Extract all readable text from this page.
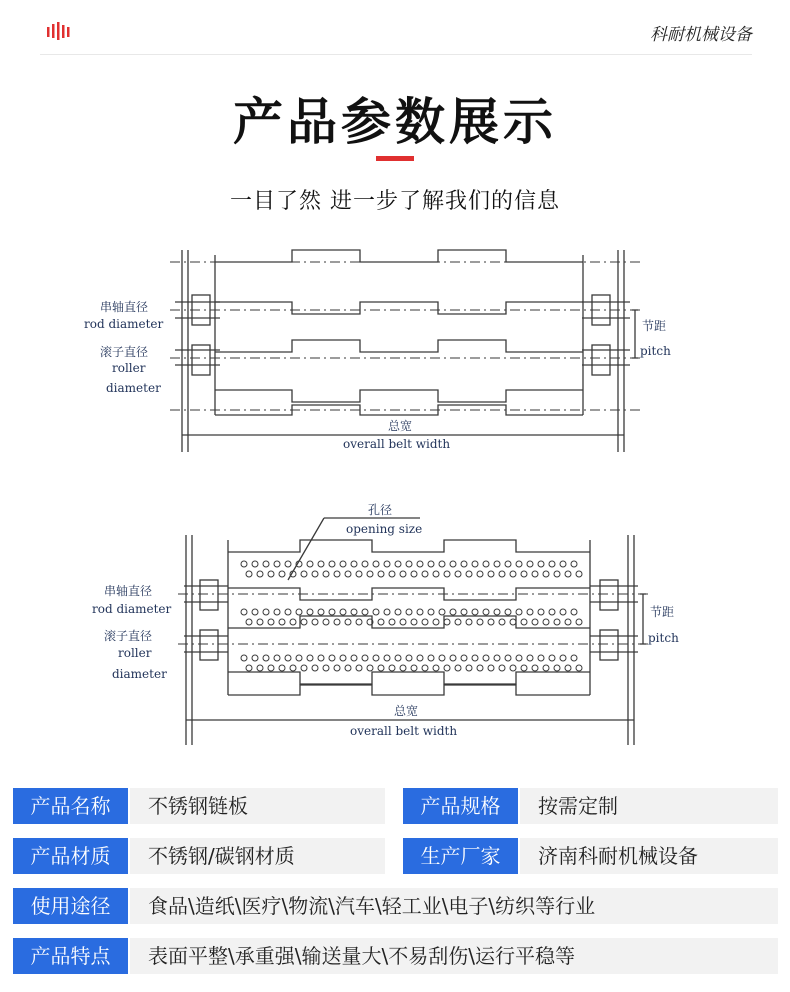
科耐机械设备
产品参数展示
一目了然 进一步了解我们的信息
串轴直径
rod diameter
滚子直径
roller
diameter
节距
pitch
总宽
overall belt width
孔径
opening size
串轴直径
rod diameter
滚子直径
roller
diameter
节距
pitch
总宽
overall belt width
产品名称	不锈钢链板	产品规格	按需定制
产品材质	不锈钢/碳钢材质	生产厂家	济南科耐机械设备
使用途径	食品\造纸\医疗\物流\汽车\轻工业\电子\纺织等行业
产品特点	表面平整\承重强\输送量大\不易刮伤\运行平稳等
